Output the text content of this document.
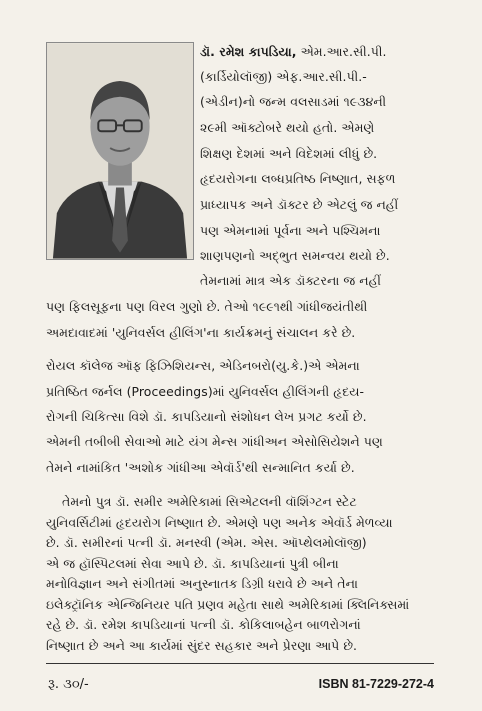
ડૉ. રમેશ કાપડિયા, એમ.આર.સી.પી.
(કાર્ડિયોલૉજી) એફ.આર.સી.પી.-
(એડીન)નો જન્મ વલસાડમાં ૧૯૩૪ની
૨૯મી ઑક્ટોબરે થયો હતો. એમણે
શિક્ષણ દેશમાં અને વિદેશમાં લીધું છે.
હૃદયરોગના લબ્ધપ્રતિષ્ઠ નિષ્ણાત, સફળ
પ્રાધ્યાપક અને ડૉક્ટર છે એટલું જ નહીં
પણ એમનામાં પૂર્વના અને પશ્ચિમના
શાણપણનો અદ્ભુત સમન્વય થયો છે.
તેમનામાં માત્ર એક ડૉક્ટરના જ નહીં
પણ ફિલસૂફના પણ વિરલ ગુણો છે. તેઓ ૧૯૯૧થી ગાંધીજયંતીથી
અમદાવાદમાં 'યુનિવર્સલ હીલિંગ'ના કાર્યક્રમનું સંચાલન કરે છે.
રોયલ કૉલેજ ઑફ ફિઝિશિયન્સ, એડિનબરો(યુ.કે.)એ એમના
પ્રતિષ્ઠિત જર્નલ (Proceedings)માં યુનિવર્સલ હીલિંગની હૃદય-
રોગની ચિકિત્સા વિશે ડૉ. કાપડિયાનો સંશોધન લેખ પ્રગટ કર્યો છે.
એમની તબીબી સેવાઓ માટે યંગ મેન્સ ગાંધીઅન એસોસિયેશને પણ
તેમને નામાંકિત 'અશોક ગાંધીઆ એવૉર્ડ'થી સન્માનિત કર્યા છે.
તેમનો પુત્ર ડૉ. સમીર અમેરિકામાં સિએટલની વૉશિંગ્ટન સ્ટેટ
યુનિવર્સિટીમાં હૃદયરોગ નિષ્ણાત છે. એમણે પણ અનેક એવૉર્ડ મેળવ્યા
છે. ડૉ. સમીરનાં પત્ની ડૉ. મનસ્વી (એમ. એસ. ઑપ્થેલમોલૉજી)
એ જ હૉસ્પિટલમાં સેવા આપે છે. ડૉ. કાપડિયાનાં પુત્રી બીના
મનોવિજ્ઞાન અને સંગીતમાં અનુસ્નાતક ડિગ્રી ધરાવે છે અને તેના
ઇલેક્ટ્રૉનિક એન્જિનિયર પતિ પ્રણવ મહેતા સાથે અમેરિકામાં ક્લિનિક્સમાં
રૂ. ૩૦/-	ISBN 81-7229-272-4
રહે છે. ડૉ. રમેશ કાપડિયાનાં પત્ની ડૉ. કોકિલાબહેન બાળરોગનાં
નિષ્ણાત છે અને આ કાર્યમાં સુંદર સહકાર અને પ્રેરણા આપે છે.
